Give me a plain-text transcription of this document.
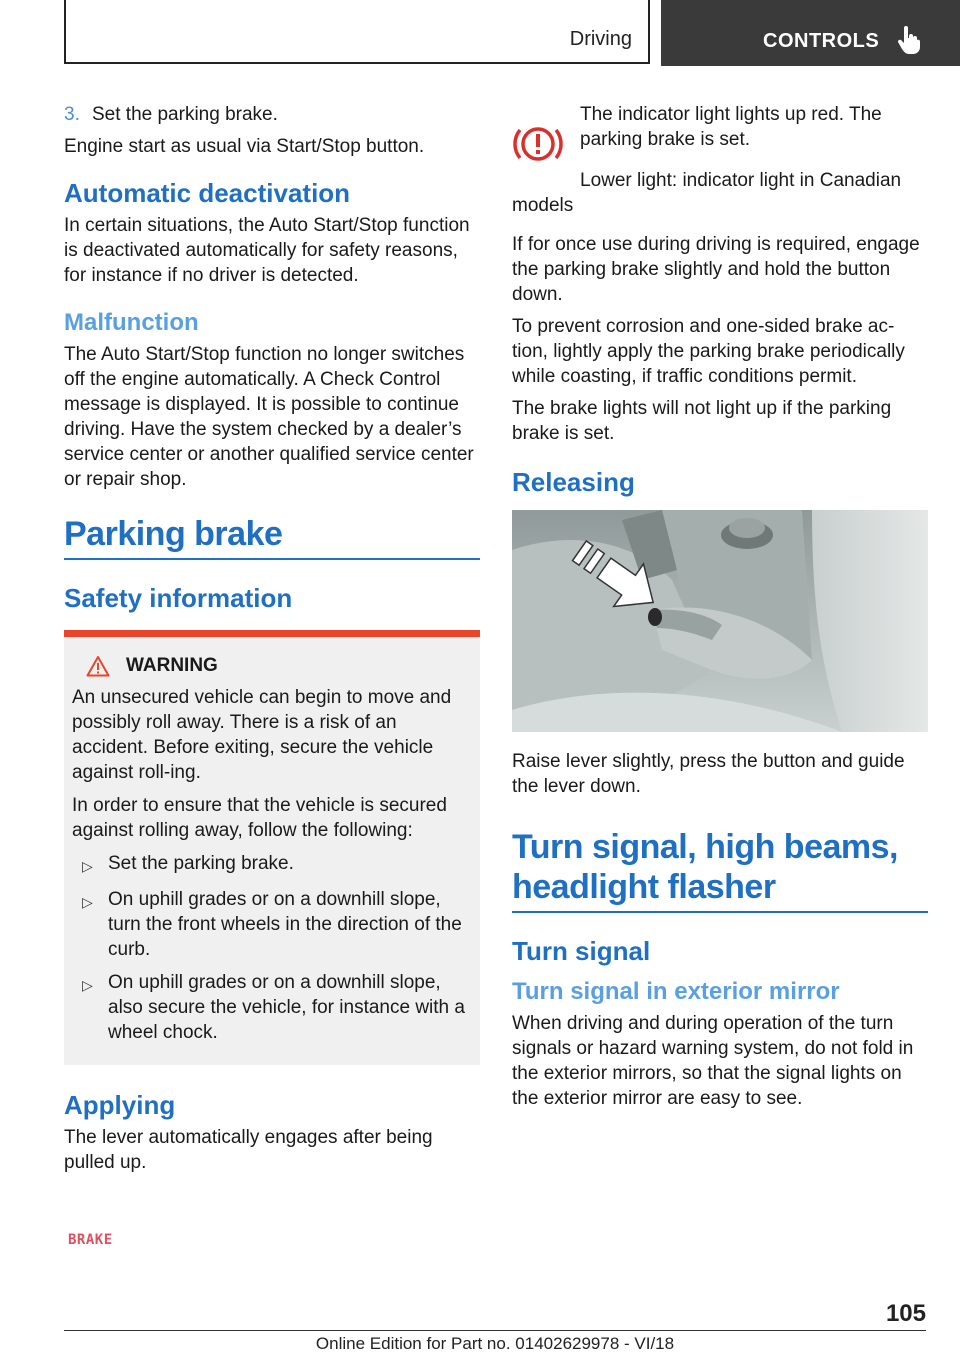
Driving	CONTROLS

3. Set the parking brake.

Engine start as usual via Start/Stop button.

Automatic deactivation

In certain situations, the Auto Start/Stop function is deactivated automatically for safety reasons, for instance if no driver is detected.

Malfunction

The Auto Start/Stop function no longer switches off the engine automatically. A Check Control message is displayed. It is possible to continue driving. Have the system checked by a dealer’s service center or another qualified service center or repair shop.

Parking brake
Safety information
WARNING

An unsecured vehicle can begin to move and possibly roll away. There is a risk of an accident. Before exiting, secure the vehicle against roll‐ing.

In order to ensure that the vehicle is secured against rolling away, follow the following:

▷ Set the parking brake.
▷ On uphill grades or on a downhill slope, turn the front wheels in the direction of the curb.
▷ On uphill grades or on a downhill slope, also secure the vehicle, for instance with a wheel chock.
Applying

The lever automatically engages after being pulled up.

BRAKE

The indicator light lights up red. The parking brake is set.

Lower light: indicator light in Canadian models

If for once use during driving is required, engage the parking brake slightly and hold the button down.

To prevent corrosion and one-sided brake ac‐tion, lightly apply the parking brake periodically while coasting, if traffic conditions permit.

The brake lights will not light up if the parking brake is set.

Releasing

Raise lever slightly, press the button and guide the lever down.

Turn signal, high beams, headlight flasher
Turn signal
Turn signal in exterior mirror

When driving and during operation of the turn signals or hazard warning system, do not fold in the exterior mirrors, so that the signal lights on the exterior mirror are easy to see.

105
Online Edition for Part no. 01402629978 - VI/18
